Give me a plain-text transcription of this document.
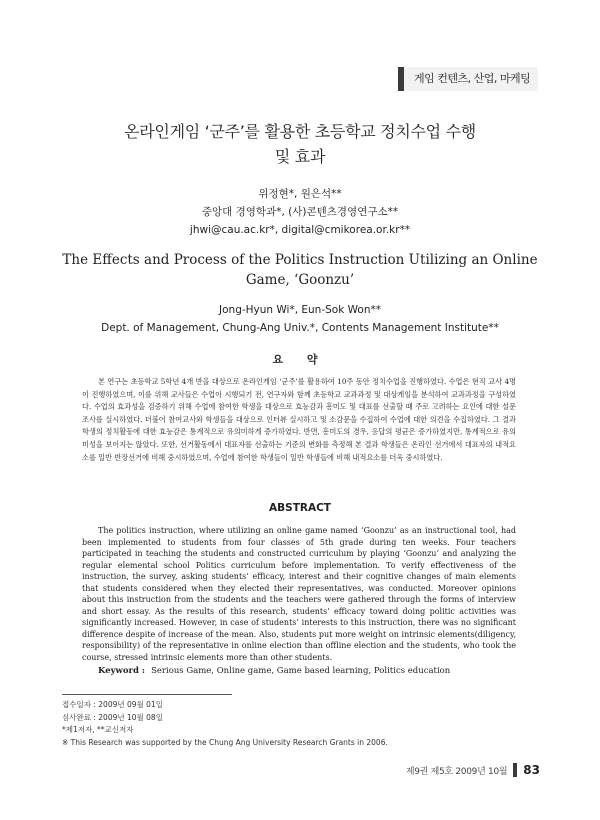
게임 컨텐츠, 산업, 마케팅
온라인게임 ‘군주’를 활용한 초등학교 정치수업 수행
및 효과
위정현*, 원은석**
중앙대 경영학과*, (사)콘텐츠경영연구소**
jhwi@cau.ac.kr*, digital@cmikorea.or.kr**
The Effects and Process of the Politics Instruction Utilizing an Online
Game, ‘Goonzu’
Jong-Hyun Wi*, Eun-Sok Won**
Dept. of Management, Chung-Ang Univ.*, Contents Management Institute**
요 약

본 연구는 초등학교 5학년 4개 반을 대상으로 온라인게임 ‘군주’를 활용하여 10주 동안 정치수업을 진행하였다. 수업은 현직 교사 4명이 진행하였으며, 이를 위해 교사들은 수업이 시행되기 전, 연구자와 함께 초등학교 교과과정 및 대상게임을 분석하여 교과과정을 구성하였다. 수업의 효과성을 검증하기 위해 수업에 참여한 학생을 대상으로 효능감과 흥미도 및 대표를 선출할 때 주로 고려하는 요인에 대한 설문조사를 실시하였다. 더불어 참여교사와 학생들을 대상으로 인터뷰 실시하고 및 소감문을 수집하여 수업에 대한 의견을 수집하였다. 그 결과 학생의 정치활동에 대한 효능감은 통계적으로 유의미하게 증가하였다. 반면, 흥미도의 경우, 응답의 평균은 증가하였지만, 통계적으로 유의미성을 보이지는 않았다. 또한, 선거활동에서 대표자를 선출하는 기준의 변화를 측정해 본 결과 학생들은 온라인 선거에서 대표자의 내적요소를 일반 반장선거에 비해 중시하였으며, 수업에 참여한 학생들이 일반 학생들에 비해 내적요소를 더욱 중시하였다.

ABSTRACT

The politics instruction, where utilizing an online game named ‘Goonzu’ as an instructional tool, had been implemented to students from four classes of 5th grade during ten weeks. Four teachers participated in teaching the students and constructed curriculum by playing ‘Goonzu’ and analyzing the regular elemental school Politics curriculum before implementation. To verify effectiveness of the instruction, the survey, asking students’ efficacy, interest and their cognitive changes of main elements that students considered when they elected their representatives, was conducted. Moreover opinions about this instruction from the students and the teachers were gathered through the forms of interview and short essay. As the results of this research, students’ efficacy toward doing politic activities was significantly increased. However, in case of students’ interests to this instruction, there was no significant difference despite of increase of the mean. Also, students put more weight on intrinsic elements(diligency, responsibility) of the representative in online election than offline election and the students, who took the course, stressed intrinsic elements more than other students.

Keyword : Serious Game, Online game, Game based learning, Politics education
접수일자 : 2009년 09월 01일
심사완료 : 2009년 10월 08일
*제1저자, **교신저자
※ This Research was supported by the Chung Ang University Research Grants in 2006.
제9권 제5호 2009년 10월 83
